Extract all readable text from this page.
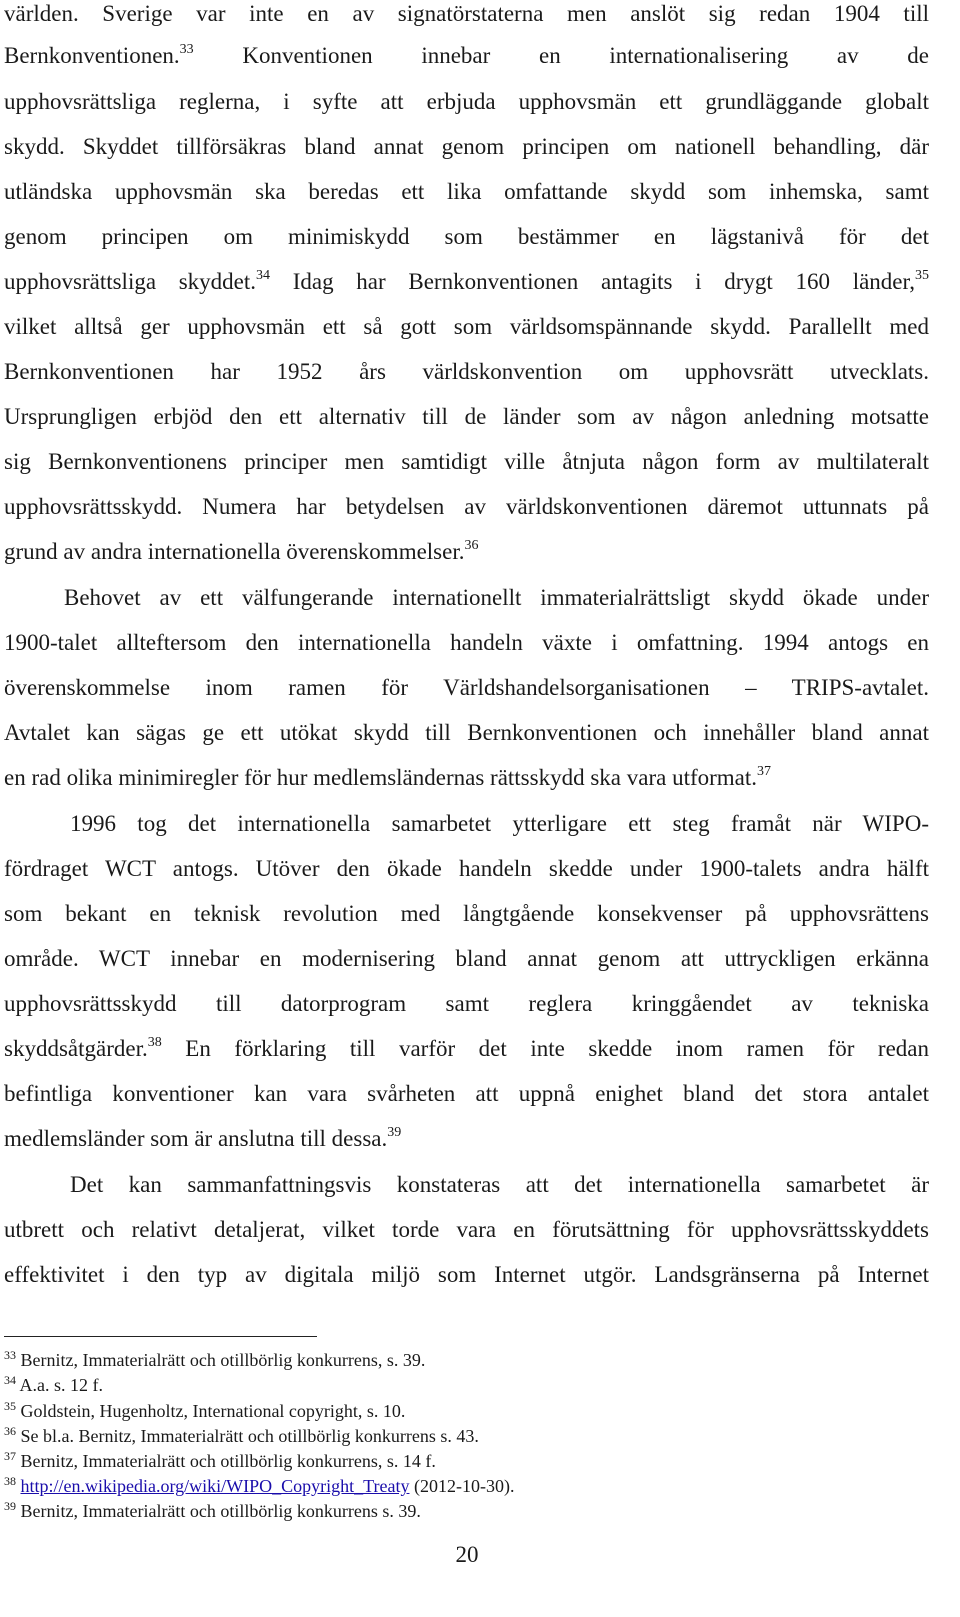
världen. Sverige var inte en av signatörstaterna men anslöt sig redan 1904 till
Bernkonventionen.$^{33}$ Konventionen innebar en internationalisering av de
upphovsrättsliga reglerna, i syfte att erbjuda upphovsmän ett grundläggande globalt
skydd. Skyddet tillförsäkras bland annat genom principen om nationell behandling, där
utländska upphovsmän ska beredas ett lika omfattande skydd som inhemska, samt
genom principen om minimiskydd som bestämmer en lägstanivå för det
upphovsrättsliga skyddet.$^{34}$ Idag har Bernkonventionen antagits i drygt 160 länder,$^{35}$
vilket alltså ger upphovsmän ett så gott som världsomspännande skydd. Parallellt med
Bernkonventionen har 1952 års världskonvention om upphovsrätt utvecklats.
Ursprungligen erbjöd den ett alternativ till de länder som av någon anledning motsatte
sig Bernkonventionens principer men samtidigt ville åtnjuta någon form av multilateralt
upphovsrättsskydd. Numera har betydelsen av världskonventionen däremot uttunnats på
grund av andra internationella överenskommelser.$^{36}$
Behovet av ett välfungerande internationellt immaterialrättsligt skydd ökade under
1900-talet allteftersom den internationella handeln växte i omfattning. 1994 antogs en
överenskommelse inom ramen för Världshandelsorganisationen – TRIPS-avtalet.
Avtalet kan sägas ge ett utökat skydd till Bernkonventionen och innehåller bland annat
en rad olika minimiregler för hur medlemsländernas rättsskydd ska vara utformat.$^{37}$
1996 tog det internationella samarbetet ytterligare ett steg framåt när WIPO-
fördraget WCT antogs. Utöver den ökade handeln skedde under 1900-talets andra hälft
som bekant en teknisk revolution med långtgående konsekvenser på upphovsrättens
område. WCT innebar en modernisering bland annat genom att uttryckligen erkänna
upphovsrättsskydd till datorprogram samt reglera kringgåendet av tekniska
skyddsåtgärder.$^{38}$ En förklaring till varför det inte skedde inom ramen för redan
befintliga konventioner kan vara svårheten att uppnå enighet bland det stora antalet
medlemsländer som är anslutna till dessa.$^{39}$
Det kan sammanfattningsvis konstateras att det internationella samarbetet är
utbrett och relativt detaljerat, vilket torde vara en förutsättning för upphovsrättsskyddets
effektivitet i den typ av digitala miljö som Internet utgör. Landsgränserna på Internet
$^{33}$ Bernitz, Immaterialrätt och otillbörlig konkurrens, s. 39.
$^{34}$ A.a. s. 12 f.
$^{35}$ Goldstein, Hugenholtz, International copyright, s. 10.
$^{36}$ Se bl.a. Bernitz, Immaterialrätt och otillbörlig konkurrens s. 43.
$^{37}$ Bernitz, Immaterialrätt och otillbörlig konkurrens, s. 14 f.
$^{38}$ http://en.wikipedia.org/wiki/WIPO_Copyright_Treaty (2012-10-30).
$^{39}$ Bernitz, Immaterialrätt och otillbörlig konkurrens s. 39.
20
